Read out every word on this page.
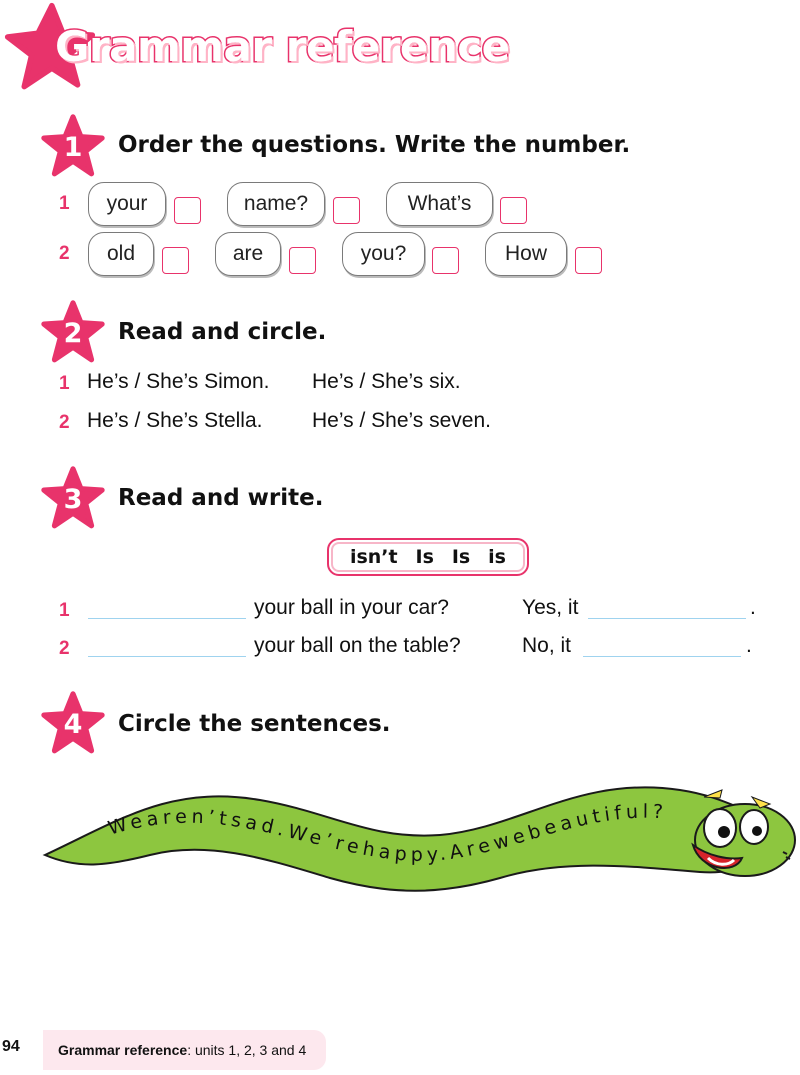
Grammar reference
1	Order the questions. Write the number.
1	your	name?	What’s
2	old	are	you?	How
2	Read and circle.
1 He’s / She’s Simon. He’s / She’s six.
2 He’s / She’s Stella. He’s / She’s seven.
3	Read and write.
isn’t Is Is is
1	your ball in your car?	Yes, it	.
2	your ball on the table?	No, it	.
4	Circle the sentences.
Wearen’tsad.We’rehappy.Arewebeautiful?
94	Grammar reference : units 1, 2, 3 and 4
